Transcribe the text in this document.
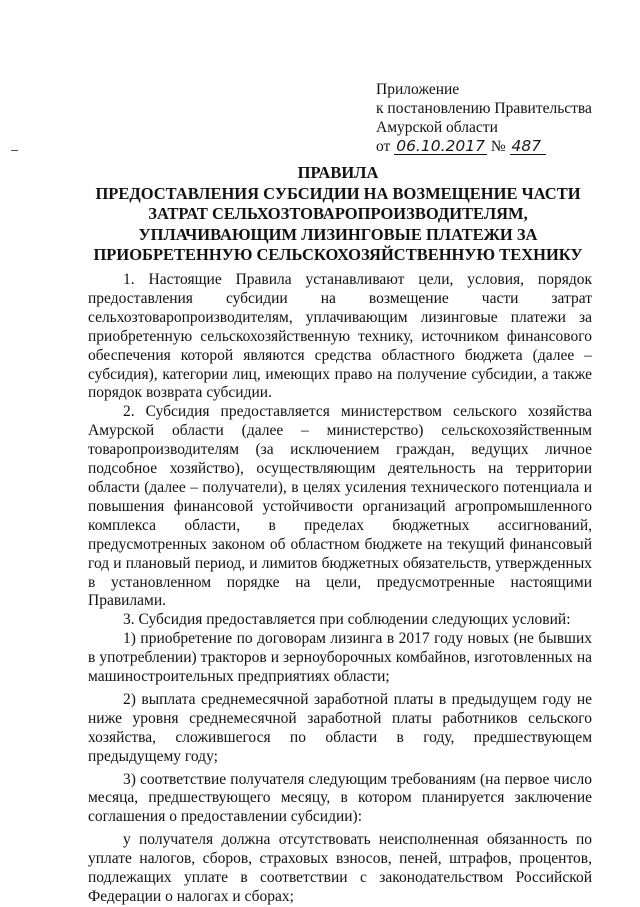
Приложение
к постановлению Правительства
Амурской области
от 06.10.2017 № 487
ПРАВИЛА
ПРЕДОСТАВЛЕНИЯ СУБСИДИИ НА ВОЗМЕЩЕНИЕ ЧАСТИ
ЗАТРАТ СЕЛЬХОЗТОВАРОПРОИЗВОДИТЕЛЯМ,
УПЛАЧИВАЮЩИМ ЛИЗИНГОВЫЕ ПЛАТЕЖИ ЗА
ПРИОБРЕТЕННУЮ СЕЛЬСКОХОЗЯЙСТВЕННУЮ ТЕХНИКУ

1. Настоящие Правила устанавливают цели, условия, порядок предоставления субсидии на возмещение части затрат сельхозтоваропроизводителям, уплачивающим лизинговые платежи за приобретенную сельскохозяйственную технику, источником финансового обеспечения которой являются средства областного бюджета (далее – субсидия), категории лиц, имеющих право на получение субсидии, а также порядок возврата субсидии.

2. Субсидия предоставляется министерством сельского хозяйства Амурской области (далее – министерство) сельскохозяйственным товаропроизводителям (за исключением граждан, ведущих личное подсобное хозяйство), осуществляющим деятельность на территории области (далее – получатели), в целях усиления технического потенциала и повышения финансовой устойчивости организаций агропромышленного комплекса области, в пределах бюджетных ассигнований, предусмотренных законом об областном бюджете на текущий финансовый год и плановый период, и лимитов бюджетных обязательств, утвержденных в установленном порядке на цели, предусмотренные настоящими Правилами.

3. Субсидия предоставляется при соблюдении следующих условий:

1) приобретение по договорам лизинга в 2017 году новых (не бывших в употреблении) тракторов и зерноуборочных комбайнов, изготовленных на машиностроительных предприятиях области;

2) выплата среднемесячной заработной платы в предыдущем году не ниже уровня среднемесячной заработной платы работников сельского хозяйства, сложившегося по области в году, предшествующем предыдущему году;

3) соответствие получателя следующим требованиям (на первое число месяца, предшествующего месяцу, в котором планируется заключение соглашения о предоставлении субсидии):

у получателя должна отсутствовать неисполненная обязанность по уплате налогов, сборов, страховых взносов, пеней, штрафов, процентов, подлежащих уплате в соответствии с законодательством Российской Федерации о налогах и сборах;
